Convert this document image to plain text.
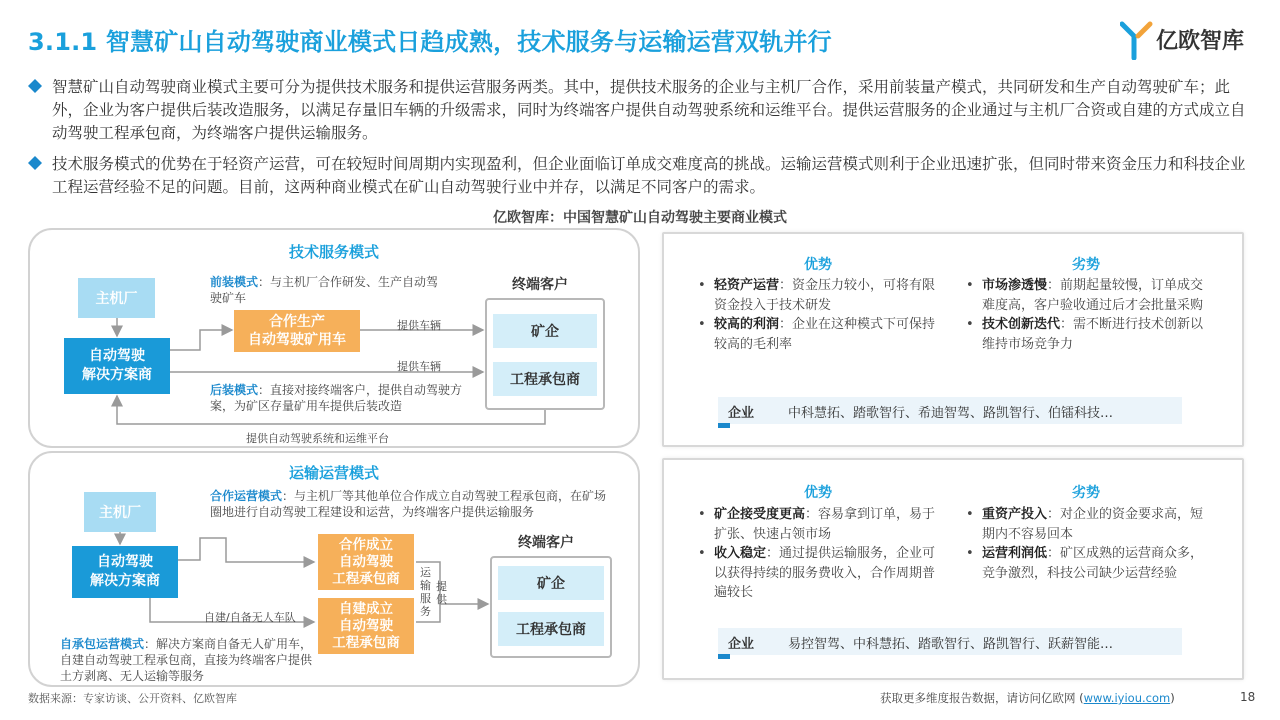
3.1.1 智慧矿山自动驾驶商业模式日趋成熟，技术服务与运输运营双轨并行	亿欧智库
智慧矿山自动驾驶商业模式主要可分为提供技术服务和提供运营服务两类。其中，提供技术服务的企业与主机厂合作，采用前装量产模式，共同研发和生产自动驾驶矿车；此外，企业为客户提供后装改造服务，以满足存量旧车辆的升级需求，同时为终端客户提供自动驾驶系统和运维平台。提供运营服务的企业通过与主机厂合资或自建的方式成立自动驾驶工程承包商，为终端客户提供运输服务。
技术服务模式的优势在于轻资产运营，可在较短时间周期内实现盈利，但企业面临订单成交难度高的挑战。运输运营模式则利于企业迅速扩张，但同时带来资金压力和科技企业工程运营经验不足的问题。目前，这两种商业模式在矿山自动驾驶行业中并存，以满足不同客户的需求。
亿欧智库：中国智慧矿山自动驾驶主要商业模式
技术服务模式
主机厂
自动驾驶
解决方案商
前装模式：与主机厂合作研发、生产自动驾驶矿车
合作生产
自动驾驶矿用车
提供车辆
提供车辆
后装模式：直接对接终端客户，提供自动驾驶方案，为矿区存量矿用车提供后装改造
提供自动驾驶系统和运维平台
终端客户
矿企
工程承包商
运输运营模式
主机厂
自动驾驶
解决方案商
合作运营模式：与主机厂等其他单位合作成立自动驾驶工程承包商，在矿场圈地进行自动驾驶工程建设和运营，为终端客户提供运输服务
合作成立
自动驾驶
工程承包商
自建成立
自动驾驶
工程承包商
自建/自备无人车队
运输服务
提供
自承包运营模式：解决方案商自备无人矿用车，自建自动驾驶工程承包商，直接为终端客户提供土方剥离、无人运输等服务
终端客户
矿企
工程承包商
优势	劣势
• 轻资产运营：资金压力较小，可将有限资金投入于技术研发
• 较高的利润：企业在这种模式下可保持较高的毛利率
• 市场渗透慢：前期起量较慢，订单成交难度高，客户验收通过后才会批量采购
• 技术创新迭代：需不断进行技术创新以维持市场竞争力
企业	中科慧拓、踏歌智行、希迪智驾、路凯智行、伯镭科技…
优势	劣势
• 矿企接受度更高：容易拿到订单，易于扩张、快速占领市场
• 收入稳定：通过提供运输服务，企业可以获得持续的服务费收入，合作周期普遍较长
• 重资产投入：对企业的资金要求高，短期内不容易回本
• 运营利润低：矿区成熟的运营商众多，竞争激烈，科技公司缺少运营经验
企业	易控智驾、中科慧拓、踏歌智行、路凯智行、跃薪智能…
数据来源：专家访谈、公开资料、亿欧智库	获取更多维度报告数据，请访问亿欧网 (www.iyiou.com)	18
